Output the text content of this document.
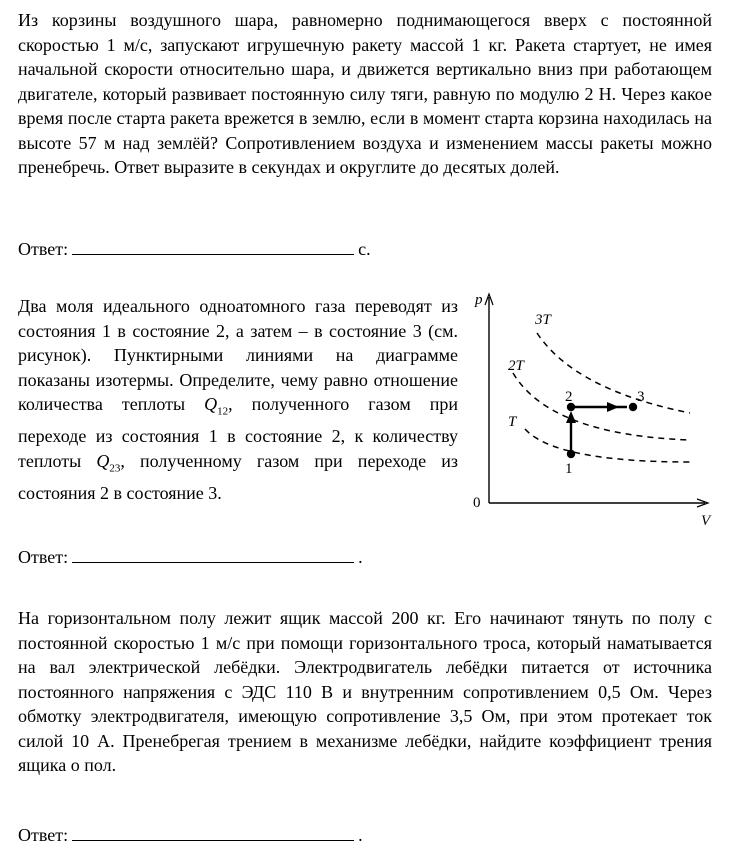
Из корзины воздушного шара, равномерно поднимающегося вверх с постоянной скоростью 1 м/с, запускают игрушечную ракету массой 1 кг. Ракета стартует, не имея начальной скорости относительно шара, и движется вертикально вниз при работающем двигателе, который развивает постоянную силу тяги, равную по модулю 2 Н. Через какое время после старта ракета врежется в землю, если в момент старта корзина находилась на высоте 57 м над землёй? Сопротивлением воздуха и изменением массы ракеты можно пренебречь. Ответ выразите в секундах и округлите до десятых долей.

Ответ:	с.

Два моля идеального одноатомного газа переводят из состояния 1 в состояние 2, а затем – в состояние 3 (см. рисунок). Пунктирными линиями на диаграмме показаны изотермы. Определите, чему равно отношение количества теплоты $Q_{12}$, полученного газом при переходе из состояния 1 в состояние 2, к количеству теплоты $Q_{23}$, полученному газом при переходе из состояния 2 в состояние 3.

p
V
0
3T
2T
T
1
2	3
Ответ:	.

На горизонтальном полу лежит ящик массой 200 кг. Его начинают тянуть по полу с постоянной скоростью 1 м/с при помощи горизонтального троса, который наматывается на вал электрической лебёдки. Электродвигатель лебёдки питается от источника постоянного напряжения с ЭДС 110 В и внутренним сопротивлением 0,5 Ом. Через обмотку электродвигателя, имеющую сопротивление 3,5 Ом, при этом протекает ток силой 10 А. Пренебрегая трением в механизме лебёдки, найдите коэффициент трения ящика о пол.

Ответ:	.
